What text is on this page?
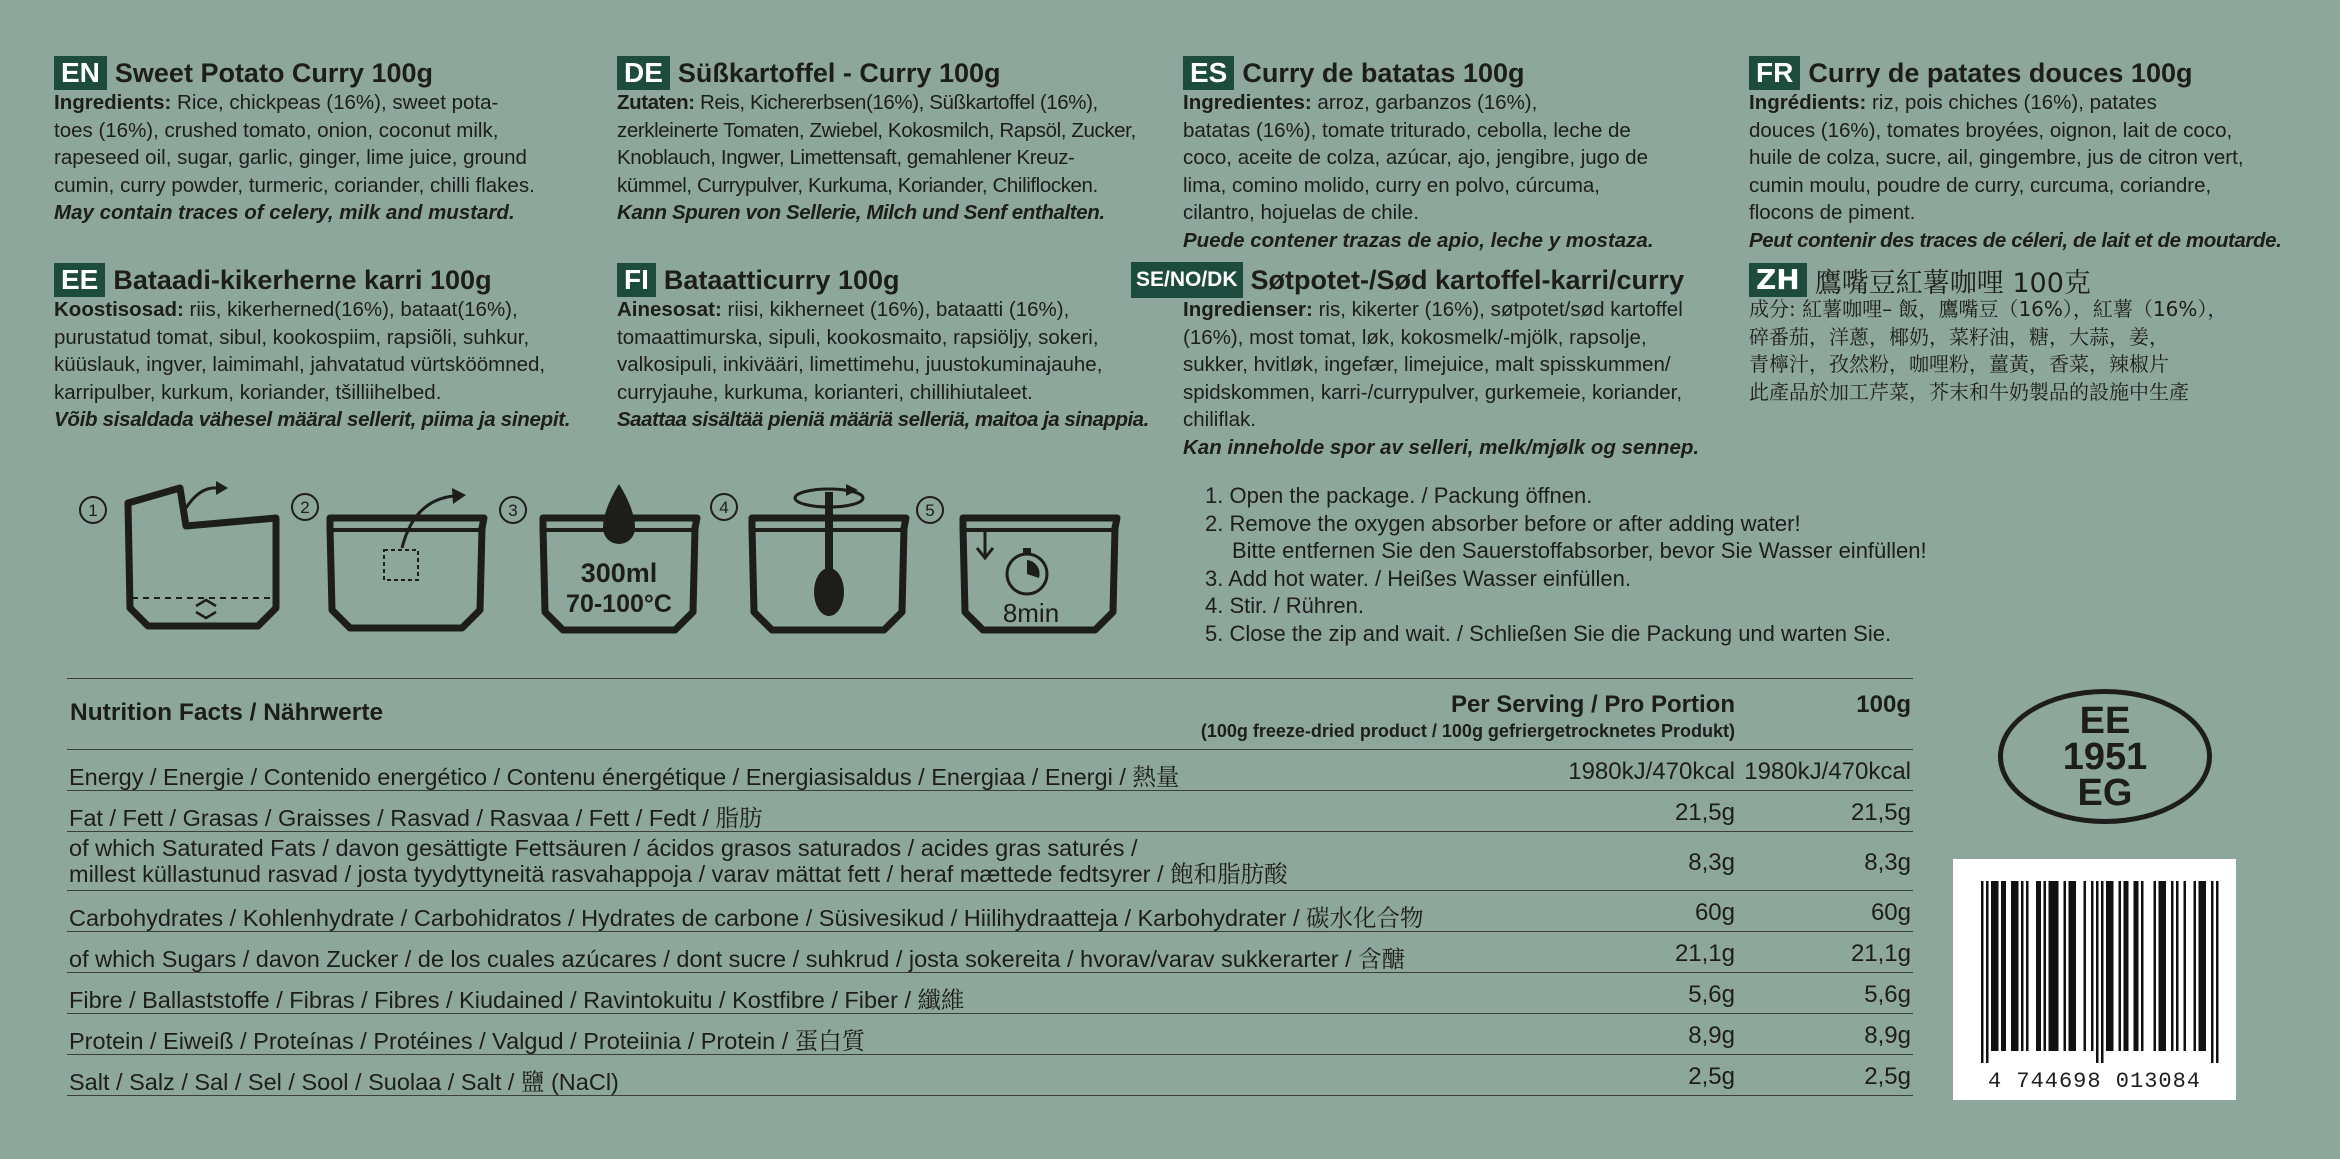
EN Sweet Potato Curry 100g
Ingredients: Rice, chickpeas (16%), sweet pota-
toes (16%), crushed tomato, onion, coconut milk,
rapeseed oil, sugar, garlic, ginger, lime juice, ground
cumin, curry powder, turmeric, coriander, chilli flakes.
May contain traces of celery, milk and mustard.
DE Süßkartoffel - Curry 100g
Zutaten: Reis, Kichererbsen(16%), Süßkartoffel (16%),
zerkleinerte Tomaten, Zwiebel, Kokosmilch, Rapsöl, Zucker,
Knoblauch, Ingwer, Limettensaft, gemahlener Kreuz-
kümmel, Currypulver, Kurkuma, Koriander, Chiliflocken.
Kann Spuren von Sellerie, Milch und Senf enthalten.
ES Curry de batatas 100g
Ingredientes: arroz, garbanzos (16%),
batatas (16%), tomate triturado, cebolla, leche de
coco, aceite de colza, azúcar, ajo, jengibre, jugo de
lima, comino molido, curry en polvo, cúrcuma,
cilantro, hojuelas de chile.
Puede contener trazas de apio, leche y mostaza.
FR Curry de patates douces 100g
Ingrédients: riz, pois chiches (16%), patates
douces (16%), tomates broyées, oignon, lait de coco,
huile de colza, sucre, ail, gingembre, jus de citron vert,
cumin moulu, poudre de curry, curcuma, coriandre,
flocons de piment.
Peut contenir des traces de céleri, de lait et de moutarde.
EE Bataadi-kikerherne karri 100g
Koostisosad: riis, kikerherned(16%), bataat(16%),
purustatud tomat, sibul, kookospiim, rapsiõli, suhkur,
küüslauk, ingver, laimimahl, jahvatatud vürtsköömned,
karripulber, kurkum, koriander, tšilliihelbed.
Võib sisaldada vähesel määral sellerit, piima ja sinepit.
FI Bataatticurry 100g
Ainesosat: riisi, kikherneet (16%), bataatti (16%),
tomaattimurska, sipuli, kookosmaito, rapsiöljy, sokeri,
valkosipuli, inkivääri, limettimehu, juustokuminajauhe,
curryjauhe, kurkuma, korianteri, chillihiutaleet.
Saattaa sisältää pieniä määriä selleriä, maitoa ja sinappia.
SE/NO/DK Søtpotet-/Sød kartoffel-karri/curry
Ingredienser: ris, kikerter (16%), søtpotet/sød kartoffel
(16%), most tomat, løk, kokosmelk/-mjölk, rapsolje,
sukker, hvitløk, ingefær, limejuice, malt spisskummen/
spidskommen, karri-/currypulver, gurkemeie, koriander,
chiliflak.
Kan inneholde spor av selleri, melk/mjølk og sennep.
ZH 鷹嘴豆紅薯咖哩 100克
成分: 紅薯咖哩– 飯，鷹嘴豆（16%），紅薯（16%），
碎番茄，洋蔥，椰奶，菜籽油，糖，大蒜，姜，
青檸汁，孜然粉，咖哩粉，薑黃，香菜，辣椒片
此產品於加工芹菜，芥末和牛奶製品的設施中生產
1	2	3
300ml
70-100°C
4	5
8min
1. Open the package. / Packung öffnen.
2. Remove the oxygen absorber before or after adding water!
Bitte entfernen Sie den Sauerstoffabsorber, bevor Sie Wasser einfüllen!
3. Add hot water. / Heißes Wasser einfüllen.
4. Stir. / Rühren.
5. Close the zip and wait. / Schließen Sie die Packung und warten Sie.
Nutrition Facts / Nährwerte	Per Serving / Pro Portion
(100g freeze-dried product / 100g gefriergetrocknetes Produkt)
100g
Energy / Energie / Contenido energético / Contenu énergétique / Energiasisaldus / Energiaa / Energi / 熱量	1980kJ/470kcal 1980kJ/470kcal
Fat / Fett / Grasas / Graisses / Rasvad / Rasvaa / Fett / Fedt / 脂肪	21,5g	21,5g
of which Saturated Fats / davon gesättigte Fettsäuren / ácidos grasos saturados / acides gras saturés /
millest küllastunud rasvad / josta tyydyttyneitä rasvahappoja / varav mättat fett / heraf mættede fedtsyrer / 飽和脂肪酸	8,3g	8,3g
Carbohydrates / Kohlenhydrate / Carbohidratos / Hydrates de carbone / Süsivesikud / Hiilihydraatteja / Karbohydrater / 碳水化合物	60g	60g
of which Sugars / davon Zucker / de los cuales azúcares / dont sucre / suhkrud / josta sokereita / hvorav/varav sukkerarter / 含醣	21,1g	21,1g
Fibre / Ballaststoffe / Fibras / Fibres / Kiudained / Ravintokuitu / Kostfibre / Fiber / 纖維	5,6g	5,6g
Protein / Eiweiß / Proteínas / Protéines / Valgud / Proteiinia / Protein / 蛋白質	8,9g	8,9g
Salt / Salz / Sal / Sel / Sool / Suolaa / Salt / 鹽 (NaCl)	2,5g	2,5g
EE
1951
EG
4 744698 013084
